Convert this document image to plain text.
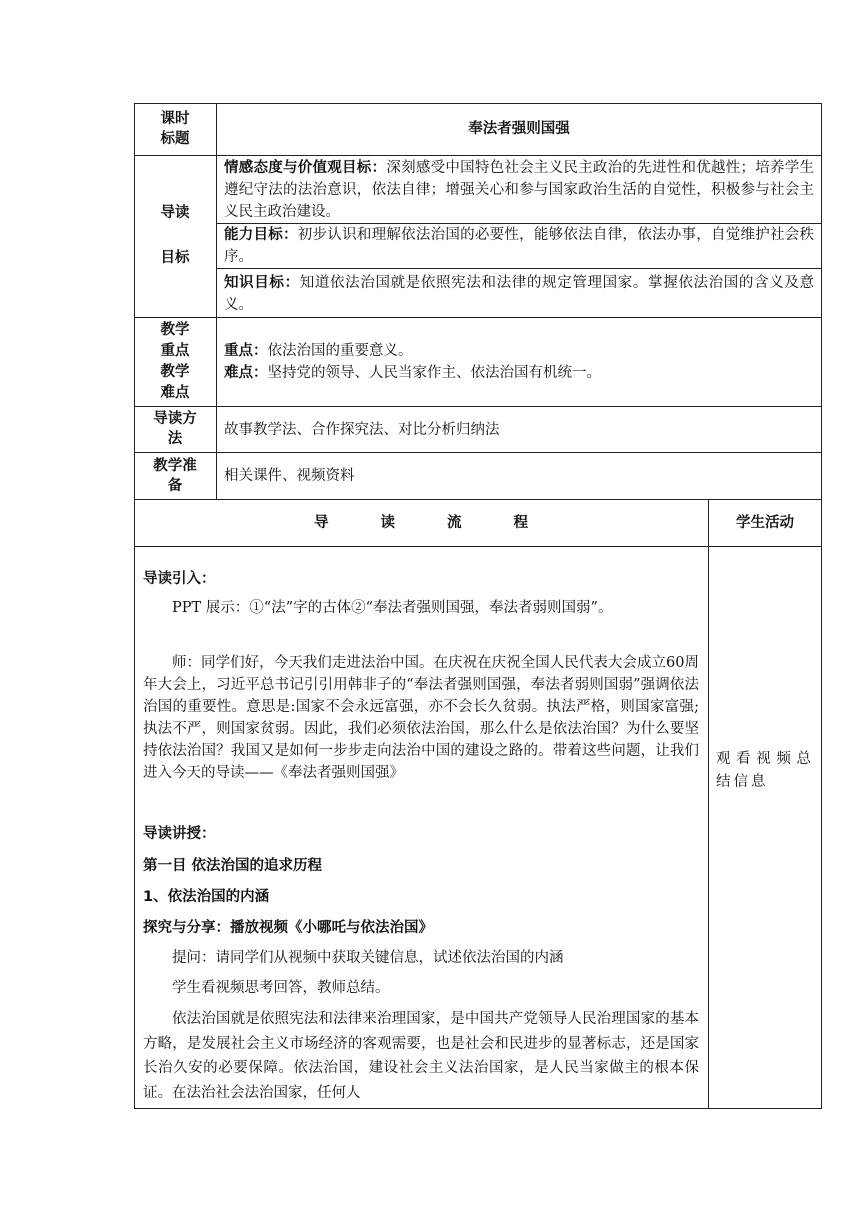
课时
标题
奉法者强则国强
导读
目标
情感态度与价值观目标：深刻感受中国特色社会主义民主政治的先进性和优越性；培养学生遵纪守法的法治意识，依法自律；增强关心和参与国家政治生活的自觉性，积极参与社会主义民主政治建设。
能力目标：初步认识和理解依法治国的必要性，能够依法自律，依法办事，自觉维护社会秩序。
知识目标：知道依法治国就是依照宪法和法律的规定管理国家。掌握依法治国的含义及意义。
教学
重点
教学
难点
重点：依法治国的重要意义。
难点：坚持党的领导、人民当家作主、依法治国有机统一。
导读方
法
故事教学法、合作探究法、对比分析归纳法
教学准
备
相关课件、视频资料
导读流程	学生活动
观看视频总结信息
导读引入：
PPT 展示：①“法”字的古体②“奉法者强则国强，奉法者弱则国弱”。
师：同学们好，今天我们走进法治中国。在庆祝在庆祝全国人民代表大会成立60周年大会上，习近平总书记引引用韩非子的“奉法者强则国强，奉法者弱则国弱”强调依法治国的重要性。意思是:国家不会永远富强，亦不会长久贫弱。执法严格，则国家富强;执法不严，则国家贫弱。因此，我们必须依法治国，那么什么是依法治国？为什么要坚持依法治国？我国又是如何一步步走向法治中国的建设之路的。带着这些问题，让我们进入今天的导读——《奉法者强则国强》
导读讲授：
第一目 依法治国的追求历程
1、依法治国的内涵
探究与分享：播放视频《小哪吒与依法治国》
提问：请同学们从视频中获取关键信息，试述依法治国的内涵
学生看视频思考回答，教师总结。
依法治国就是依照宪法和法律来治理国家，是中国共产党领导人民治理国家的基本方略，是发展社会主义市场经济的客观需要，也是社会和民进步的显著标志，还是国家长治久安的必要保障。依法治国，建设社会主义法治国家，是人民当家做主的根本保证。在法治社会法治国家，任何人
